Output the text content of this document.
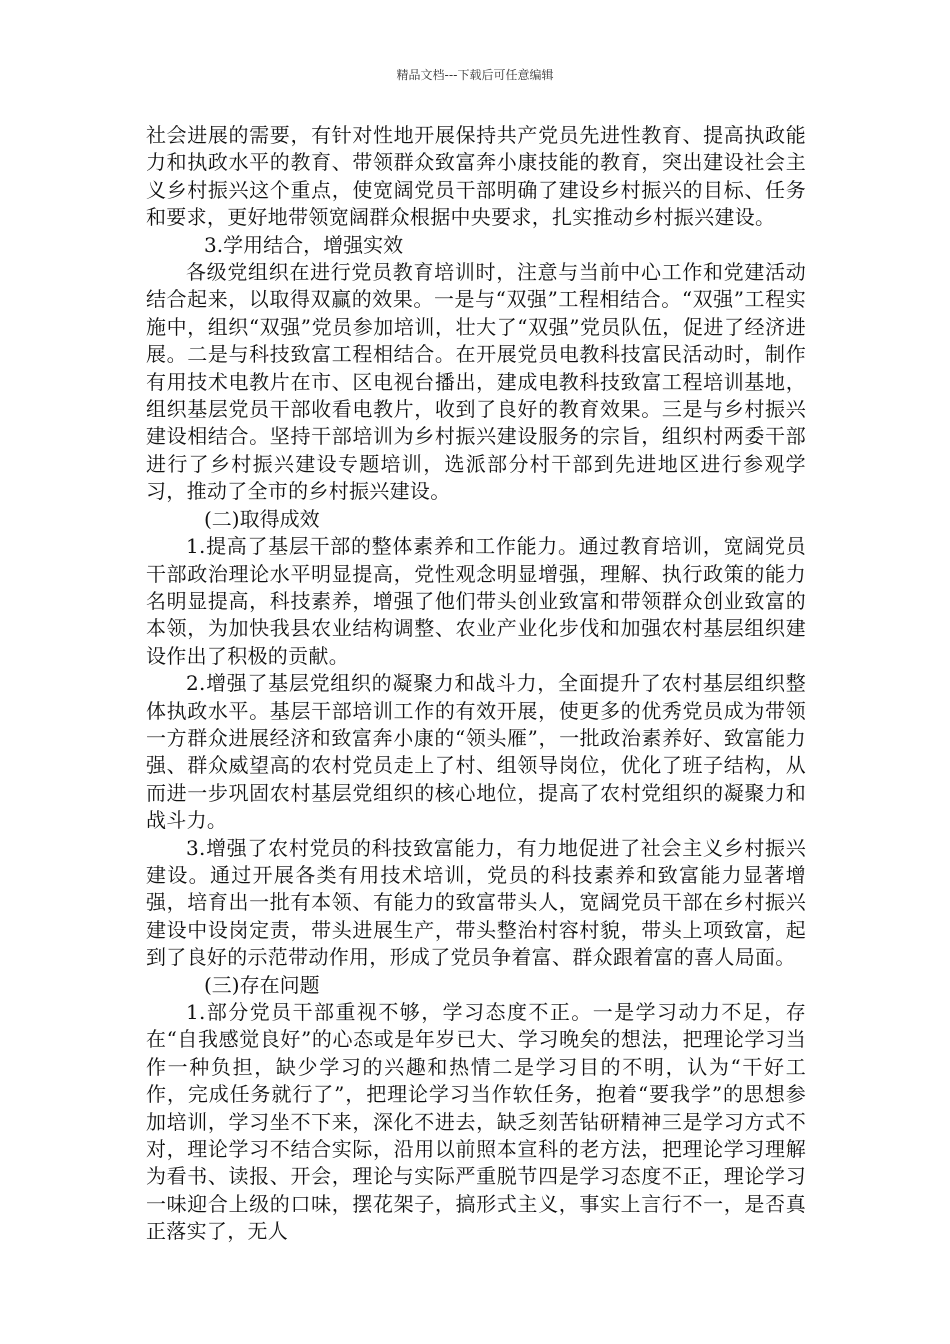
精品文档---下载后可任意编辑

社会进展的需要，有针对性地开展保持共产党员先进性教育、提高执政能力和执政水平的教育、带领群众致富奔小康技能的教育，突出建设社会主义乡村振兴这个重点，使宽阔党员干部明确了建设乡村振兴的目标、任务和要求，更好地带领宽阔群众根据中央要求，扎实推动乡村振兴建设。

3.学用结合，增强实效

各级党组织在进行党员教育培训时，注意与当前中心工作和党建活动结合起来，以取得双赢的效果。一是与“双强”工程相结合。“双强”工程实施中，组织“双强”党员参加培训，壮大了“双强”党员队伍，促进了经济进展。二是与科技致富工程相结合。在开展党员电教科技富民活动时，制作有用技术电教片在市、区电视台播出，建成电教科技致富工程培训基地，组织基层党员干部收看电教片，收到了良好的教育效果。三是与乡村振兴建设相结合。坚持干部培训为乡村振兴建设服务的宗旨，组织村两委干部进行了乡村振兴建设专题培训，选派部分村干部到先进地区进行参观学习，推动了全市的乡村振兴建设。

(二)取得成效

1.提高了基层干部的整体素养和工作能力。通过教育培训，宽阔党员干部政治理论水平明显提高，党性观念明显增强，理解、执行政策的能力名明显提高，科技素养，增强了他们带头创业致富和带领群众创业致富的本领，为加快我县农业结构调整、农业产业化步伐和加强农村基层组织建设作出了积极的贡献。

2.增强了基层党组织的凝聚力和战斗力，全面提升了农村基层组织整体执政水平。基层干部培训工作的有效开展，使更多的优秀党员成为带领一方群众进展经济和致富奔小康的“领头雁”，一批政治素养好、致富能力强、群众威望高的农村党员走上了村、组领导岗位，优化了班子结构，从而进一步巩固农村基层党组织的核心地位，提高了农村党组织的凝聚力和战斗力。

3.增强了农村党员的科技致富能力，有力地促进了社会主义乡村振兴建设。通过开展各类有用技术培训，党员的科技素养和致富能力显著增强，培育出一批有本领、有能力的致富带头人，宽阔党员干部在乡村振兴建设中设岗定责，带头进展生产，带头整治村容村貌，带头上项致富，起到了良好的示范带动作用，形成了党员争着富、群众跟着富的喜人局面。

(三)存在问题

1.部分党员干部重视不够，学习态度不正。一是学习动力不足，存在“自我感觉良好”的心态或是年岁已大、学习晚矣的想法，把理论学习当作一种负担，缺少学习的兴趣和热情二是学习目的不明，认为“干好工作，完成任务就行了”，把理论学习当作软任务，抱着“要我学”的思想参加培训，学习坐不下来，深化不进去，缺乏刻苦钻研精神三是学习方式不对，理论学习不结合实际，沿用以前照本宣科的老方法，把理论学习理解为看书、读报、开会，理论与实际严重脱节四是学习态度不正，理论学习一味迎合上级的口味，摆花架子，搞形式主义，事实上言行不一，是否真正落实了，无人
